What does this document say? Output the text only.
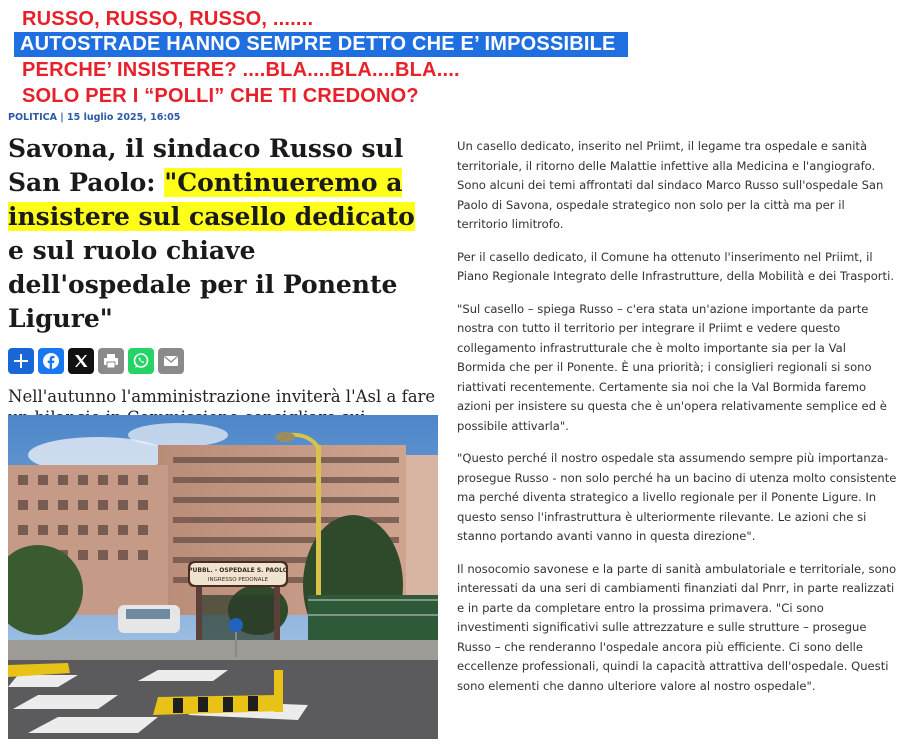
RUSSO, RUSSO, RUSSO, .......
AUTOSTRADE HANNO SEMPRE DETTO CHE E’ IMPOSSIBILE
PERCHE’ INSISTERE? ....BLA....BLA....BLA....
SOLO PER I “POLLI” CHE TI CREDONO?
POLITICA | 15 luglio 2025, 16:05
Savona, il sindaco Russo sul San Paolo: "Continueremo a insistere sul casello dedicato e sul ruolo chiave dell'ospedale per il Ponente Ligure"
Nell'autunno l'amministrazione inviterà l'Asl a fare
PUBBL. - OSPEDALE S. PAOLO
INGRESSO PEDONALE

Un casello dedicato, inserito nel Priimt, il legame tra ospedale e sanità territoriale, il ritorno delle Malattie infettive alla Medicina e l'angiografo. Sono alcuni dei temi affrontati dal sindaco Marco Russo sull'ospedale San Paolo di Savona, ospedale strategico non solo per la città ma per il territorio limitrofo.

Per il casello dedicato, il Comune ha ottenuto l'inserimento nel Priimt, il Piano Regionale Integrato delle Infrastrutture, della Mobilità e dei Trasporti.

"Sul casello – spiega Russo – c'era stata un'azione importante da parte nostra con tutto il territorio per integrare il Priimt e vedere questo collegamento infrastrutturale che è molto importante sia per la Val Bormida che per il Ponente. È una priorità; i consiglieri regionali si sono riattivati recentemente. Certamente sia noi che la Val Bormida faremo azioni per insistere su questa che è un'opera relativamente semplice ed è possibile attivarla".

"Questo perché il nostro ospedale sta assumendo sempre più importanza- prosegue Russo - non solo perché ha un bacino di utenza molto consistente ma perché diventa strategico a livello regionale per il Ponente Ligure. In questo senso l'infrastruttura è ulteriormente rilevante. Le azioni che si stanno portando avanti vanno in questa direzione".

Il nosocomio savonese e la parte di sanità ambulatoriale e territoriale, sono interessati da una seri di cambiamenti finanziati dal Pnrr, in parte realizzati e in parte da completare entro la prossima primavera. "Ci sono investimenti significativi sulle attrezzature e sulle strutture – prosegue Russo – che renderanno l'ospedale ancora più efficiente. Ci sono delle eccellenze professionali, quindi la capacità attrattiva dell'ospedale. Questi sono elementi che danno ulteriore valore al nostro ospedale".
